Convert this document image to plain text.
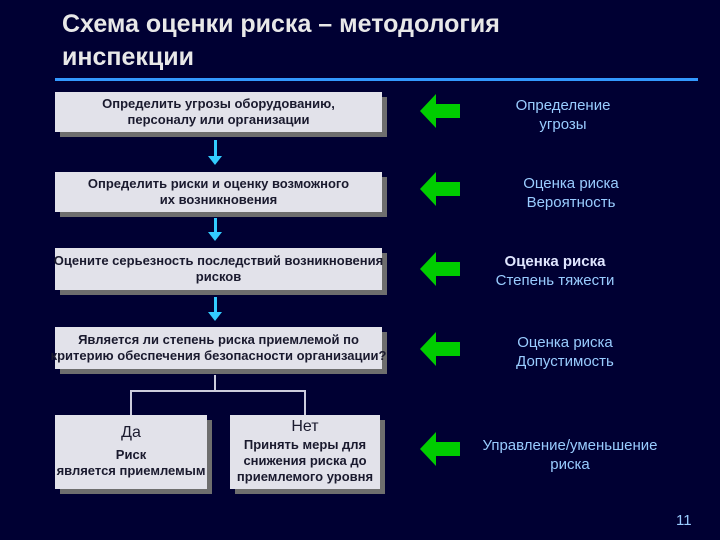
Схема оценки риска – методология
инспекции
Определить угрозы оборудованию,
персоналу или организации
Определить риски и оценку возможного
их возникновения
Оцените серьезность последствий возникновения
рисков
Является ли степень риска приемлемой по
критерию обеспечения безопасности организации?
Да
Риск
является приемлемым
Нет
Принять меры для
снижения риска до
приемлемого уровня
Определение
угрозы
Оценка риска
Вероятность
Оценка риска
Степень тяжести
Оценка риска
Допустимость
Управление/уменьшение
риска
11
